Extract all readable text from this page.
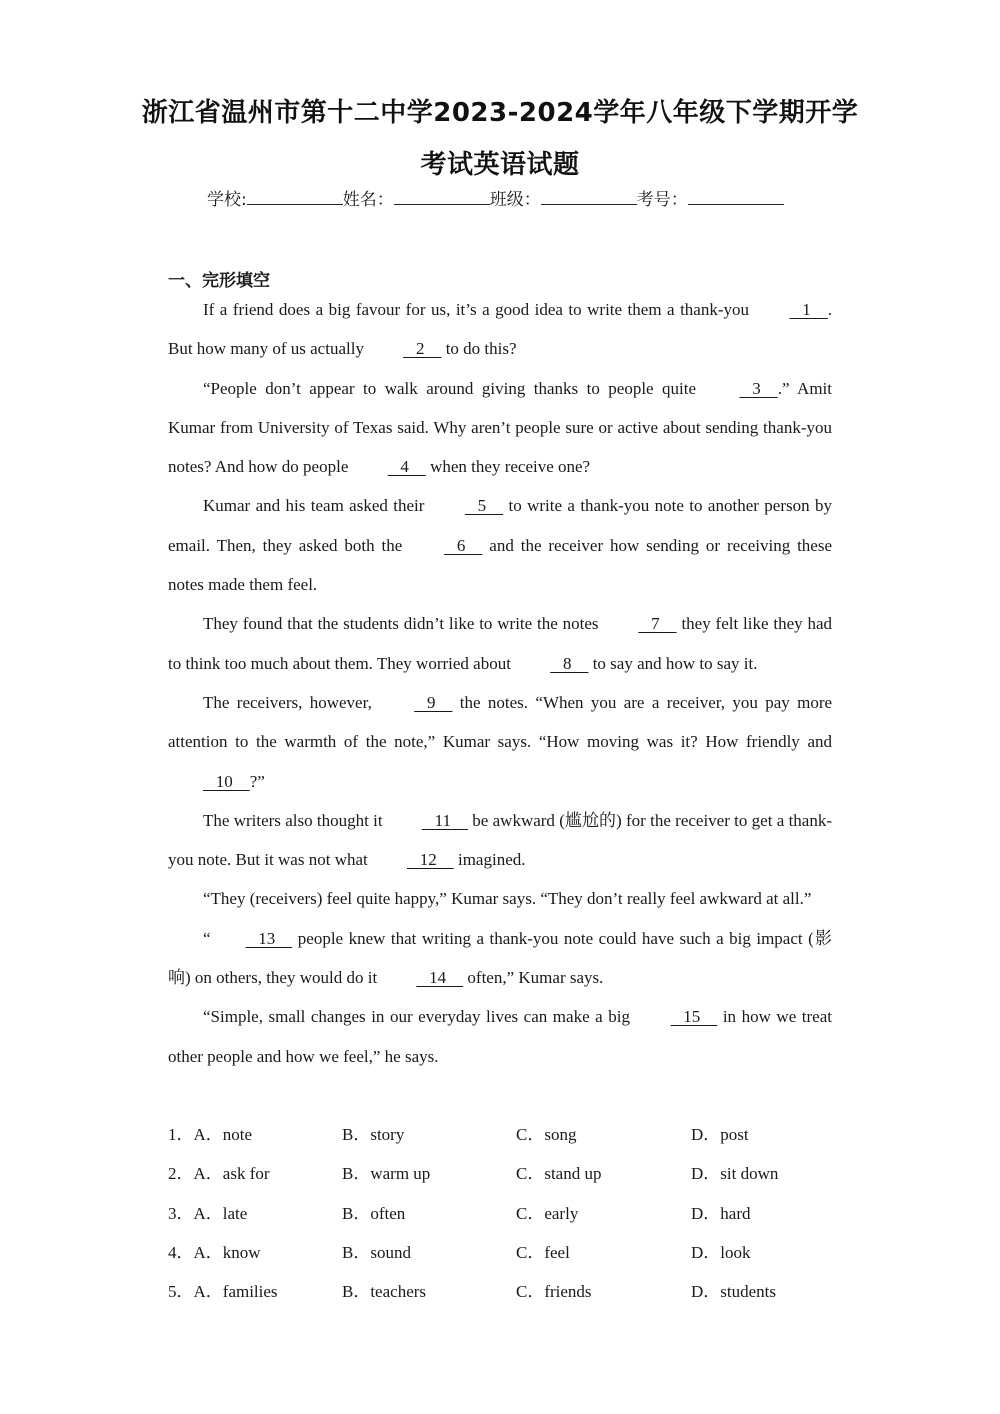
浙江省温州市第十二中学2023-2024学年八年级下学期开学
考试英语试题
学校:	姓名：	班级：	考号：
一、完形填空

If a friend does a big favour for us, it’s a good idea to write them a thank-you    1    . But how many of us actually    2     to do this?

“People don’t appear to walk around giving thanks to people quite	3    .” Amit Kumar from University of Texas said. Why aren’t people sure or active about sending thank-you notes? And how do people    4     when they receive one?

Kumar and his team asked their    5     to write a thank-you note to another person by email. Then, they asked both the    6     and the receiver how sending or receiving these notes made them feel.

They found that the students didn’t like to write the notes    7     they felt like they had to think too much about them. They worried about    8     to say and how to say it.

The receivers, however,    9     the notes. “When you are a receiver, you pay more attention to the warmth of the note,” Kumar says. “How moving was it? How friendly and    10    ?”

The writers also thought it    11     be awkward (尴尬的) for the receiver to get a thank-you note. But it was not what    12     imagined.

“They (receivers) feel quite happy,” Kumar says. “They don’t really feel awkward at all.”

“   13     people knew that writing a thank-you note could have such a big impact (影响) on others, they would do it    14     often,” Kumar says.

“Simple, small changes in our everyday lives can make a big    15     in how we treat other people and how we feel,” he says.

1．A．note	B．story	C．song	D．post
2．A．ask for	B．warm up	C．stand up	D．sit down
3．A．late	B．often	C．early	D．hard
4．A．know	B．sound	C．feel	D．look
5．A．families	B．teachers	C．friends	D．students
